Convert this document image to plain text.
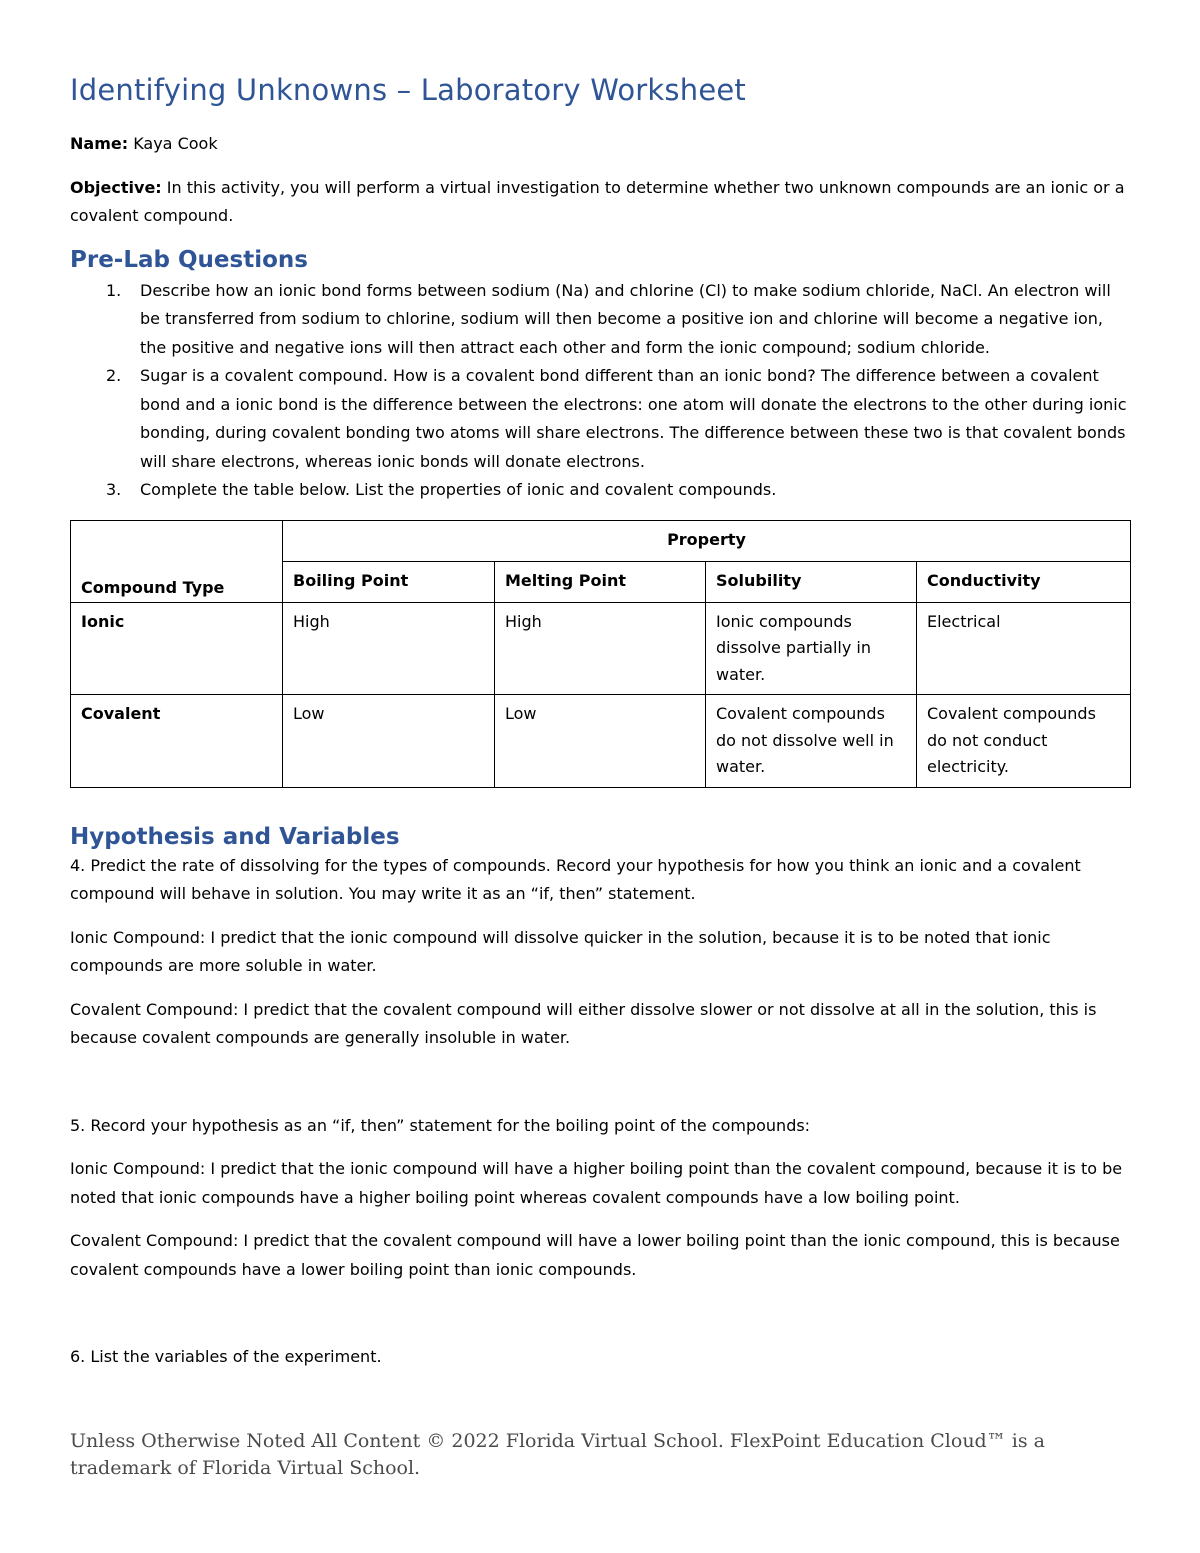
Identifying Unknowns – Laboratory Worksheet

Name: Kaya Cook

Objective: In this activity, you will perform a virtual investigation to determine whether two unknown compounds are an ionic or a covalent compound.

Pre-Lab Questions
1. Describe how an ionic bond forms between sodium (Na) and chlorine (Cl) to make sodium chloride, NaCl. An electron will be transferred from sodium to chlorine, sodium will then become a positive ion and chlorine will become a negative ion, the positive and negative ions will then attract each other and form the ionic compound; sodium chloride.
2. Sugar is a covalent compound. How is a covalent bond different than an ionic bond? The difference between a covalent bond and a ionic bond is the difference between the electrons: one atom will donate the electrons to the other during ionic bonding, during covalent bonding two atoms will share electrons. The difference between these two is that covalent bonds will share electrons, whereas ionic bonds will donate electrons.
3. Complete the table below. List the properties of ionic and covalent compounds.
Compound Type	Property			
	Boiling Point	Melting Point	Solubility	Conductivity
Ionic	High	High	Ionic compounds dissolve partially in water.	Electrical
Covalent	Low	Low	Covalent compounds do not dissolve well in water.	Covalent compounds do not conduct electricity.
Hypothesis and Variables

4. Predict the rate of dissolving for the types of compounds. Record your hypothesis for how you think an ionic and a covalent compound will behave in solution. You may write it as an “if, then” statement.

Ionic Compound: I predict that the ionic compound will dissolve quicker in the solution, because it is to be noted that ionic compounds are more soluble in water.

Covalent Compound: I predict that the covalent compound will either dissolve slower or not dissolve at all in the solution, this is because covalent compounds are generally insoluble in water.

5. Record your hypothesis as an “if, then” statement for the boiling point of the compounds:

Ionic Compound: I predict that the ionic compound will have a higher boiling point than the covalent compound, because it is to be noted that ionic compounds have a higher boiling point whereas covalent compounds have a low boiling point.

Covalent Compound: I predict that the covalent compound will have a lower boiling point than the ionic compound, this is because covalent compounds have a lower boiling point than ionic compounds.

6. List the variables of the experiment.

Unless Otherwise Noted All Content © 2022 Florida Virtual School. FlexPoint Education Cloud™ is a trademark of Florida Virtual School.
